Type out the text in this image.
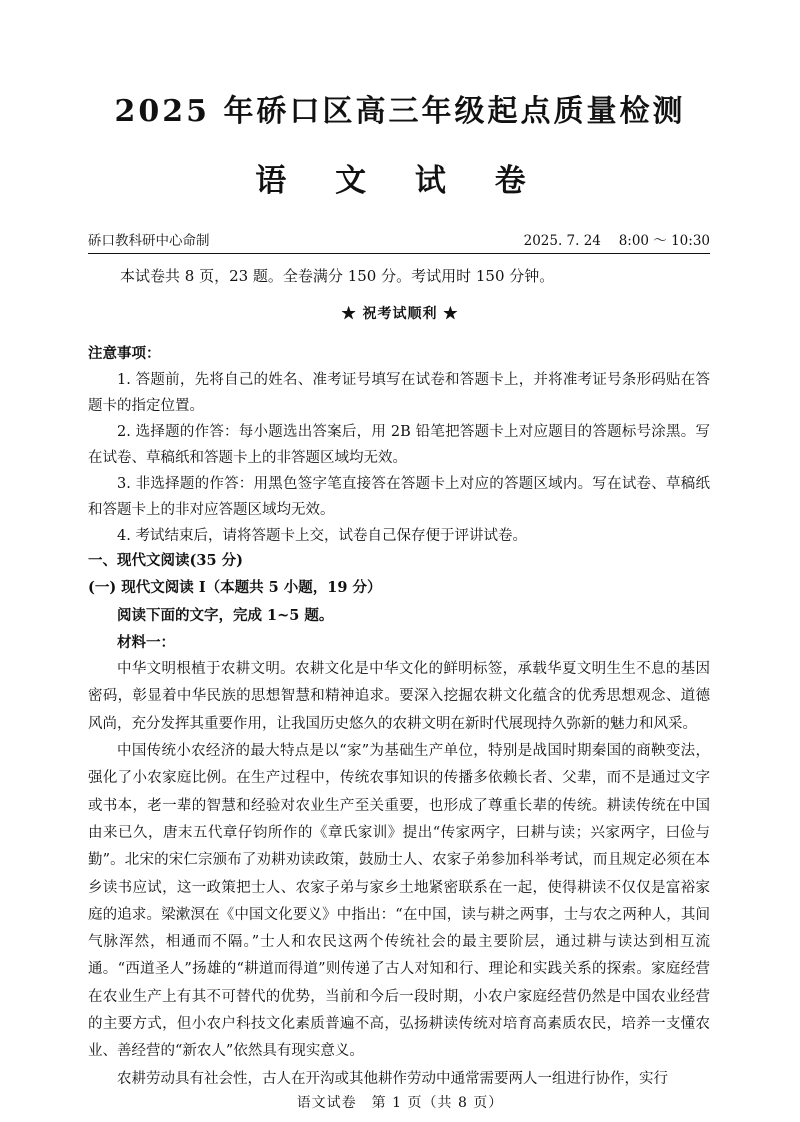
2025 年硚口区高三年级起点质量检测
语 文 试 卷
硚口教科研中心命制	2025. 7. 24　 8:00 ～ 10:30
本试卷共 8 页，23 题。全卷满分 150 分。考试用时 150 分钟。
★ 祝考试顺利 ★
注意事项：

1. 答题前，先将自己的姓名、准考证号填写在试卷和答题卡上，并将准考证号条形码贴在答题卡的指定位置。

2. 选择题的作答：每小题选出答案后，用 2B 铅笔把答题卡上对应题目的答题标号涂黑。写在试卷、草稿纸和答题卡上的非答题区域均无效。

3. 非选择题的作答：用黑色签字笔直接答在答题卡上对应的答题区域内。写在试卷、草稿纸和答题卡上的非对应答题区域均无效。

4. 考试结束后，请将答题卡上交，试卷自己保存便于评讲试卷。

一、现代文阅读(35 分)

(一) 现代文阅读 I（本题共 5 小题，19 分）

阅读下面的文字，完成 1~5 题。

材料一：

中华文明根植于农耕文明。农耕文化是中华文化的鲜明标签，承载华夏文明生生不息的基因密码，彰显着中华民族的思想智慧和精神追求。要深入挖掘农耕文化蕴含的优秀思想观念、道德风尚，充分发挥其重要作用，让我国历史悠久的农耕文明在新时代展现持久弥新的魅力和风采。

中国传统小农经济的最大特点是以“家”为基础生产单位，特别是战国时期秦国的商鞅变法，强化了小农家庭比例。在生产过程中，传统农事知识的传播多依赖长者、父辈，而不是通过文字或书本，老一辈的智慧和经验对农业生产至关重要，也形成了尊重长辈的传统。耕读传统在中国由来已久，唐末五代章仔钧所作的《章氏家训》提出“传家两字，曰耕与读；兴家两字，曰俭与勤”。北宋的宋仁宗颁布了劝耕劝读政策，鼓励士人、农家子弟参加科举考试，而且规定必须在本乡读书应试，这一政策把士人、农家子弟与家乡土地紧密联系在一起，使得耕读不仅仅是富裕家庭的追求。梁漱溟在《中国文化要义》中指出：“在中国，读与耕之两事，士与农之两种人，其间气脉浑然，相通而不隔。”士人和农民这两个传统社会的最主要阶层，通过耕与读达到相互流通。“西道圣人”扬雄的“耕道而得道”则传递了古人对知和行、理论和实践关系的探索。家庭经营在农业生产上有其不可替代的优势，当前和今后一段时期，小农户家庭经营仍然是中国农业经营的主要方式，但小农户科技文化素质普遍不高，弘扬耕读传统对培育高素质农民，培养一支懂农业、善经营的“新农人”依然具有现实意义。

农耕劳动具有社会性，古人在开沟或其他耕作劳动中通常需要两人一组进行协作，实行

语文试卷　第 1 页（共 8 页）
